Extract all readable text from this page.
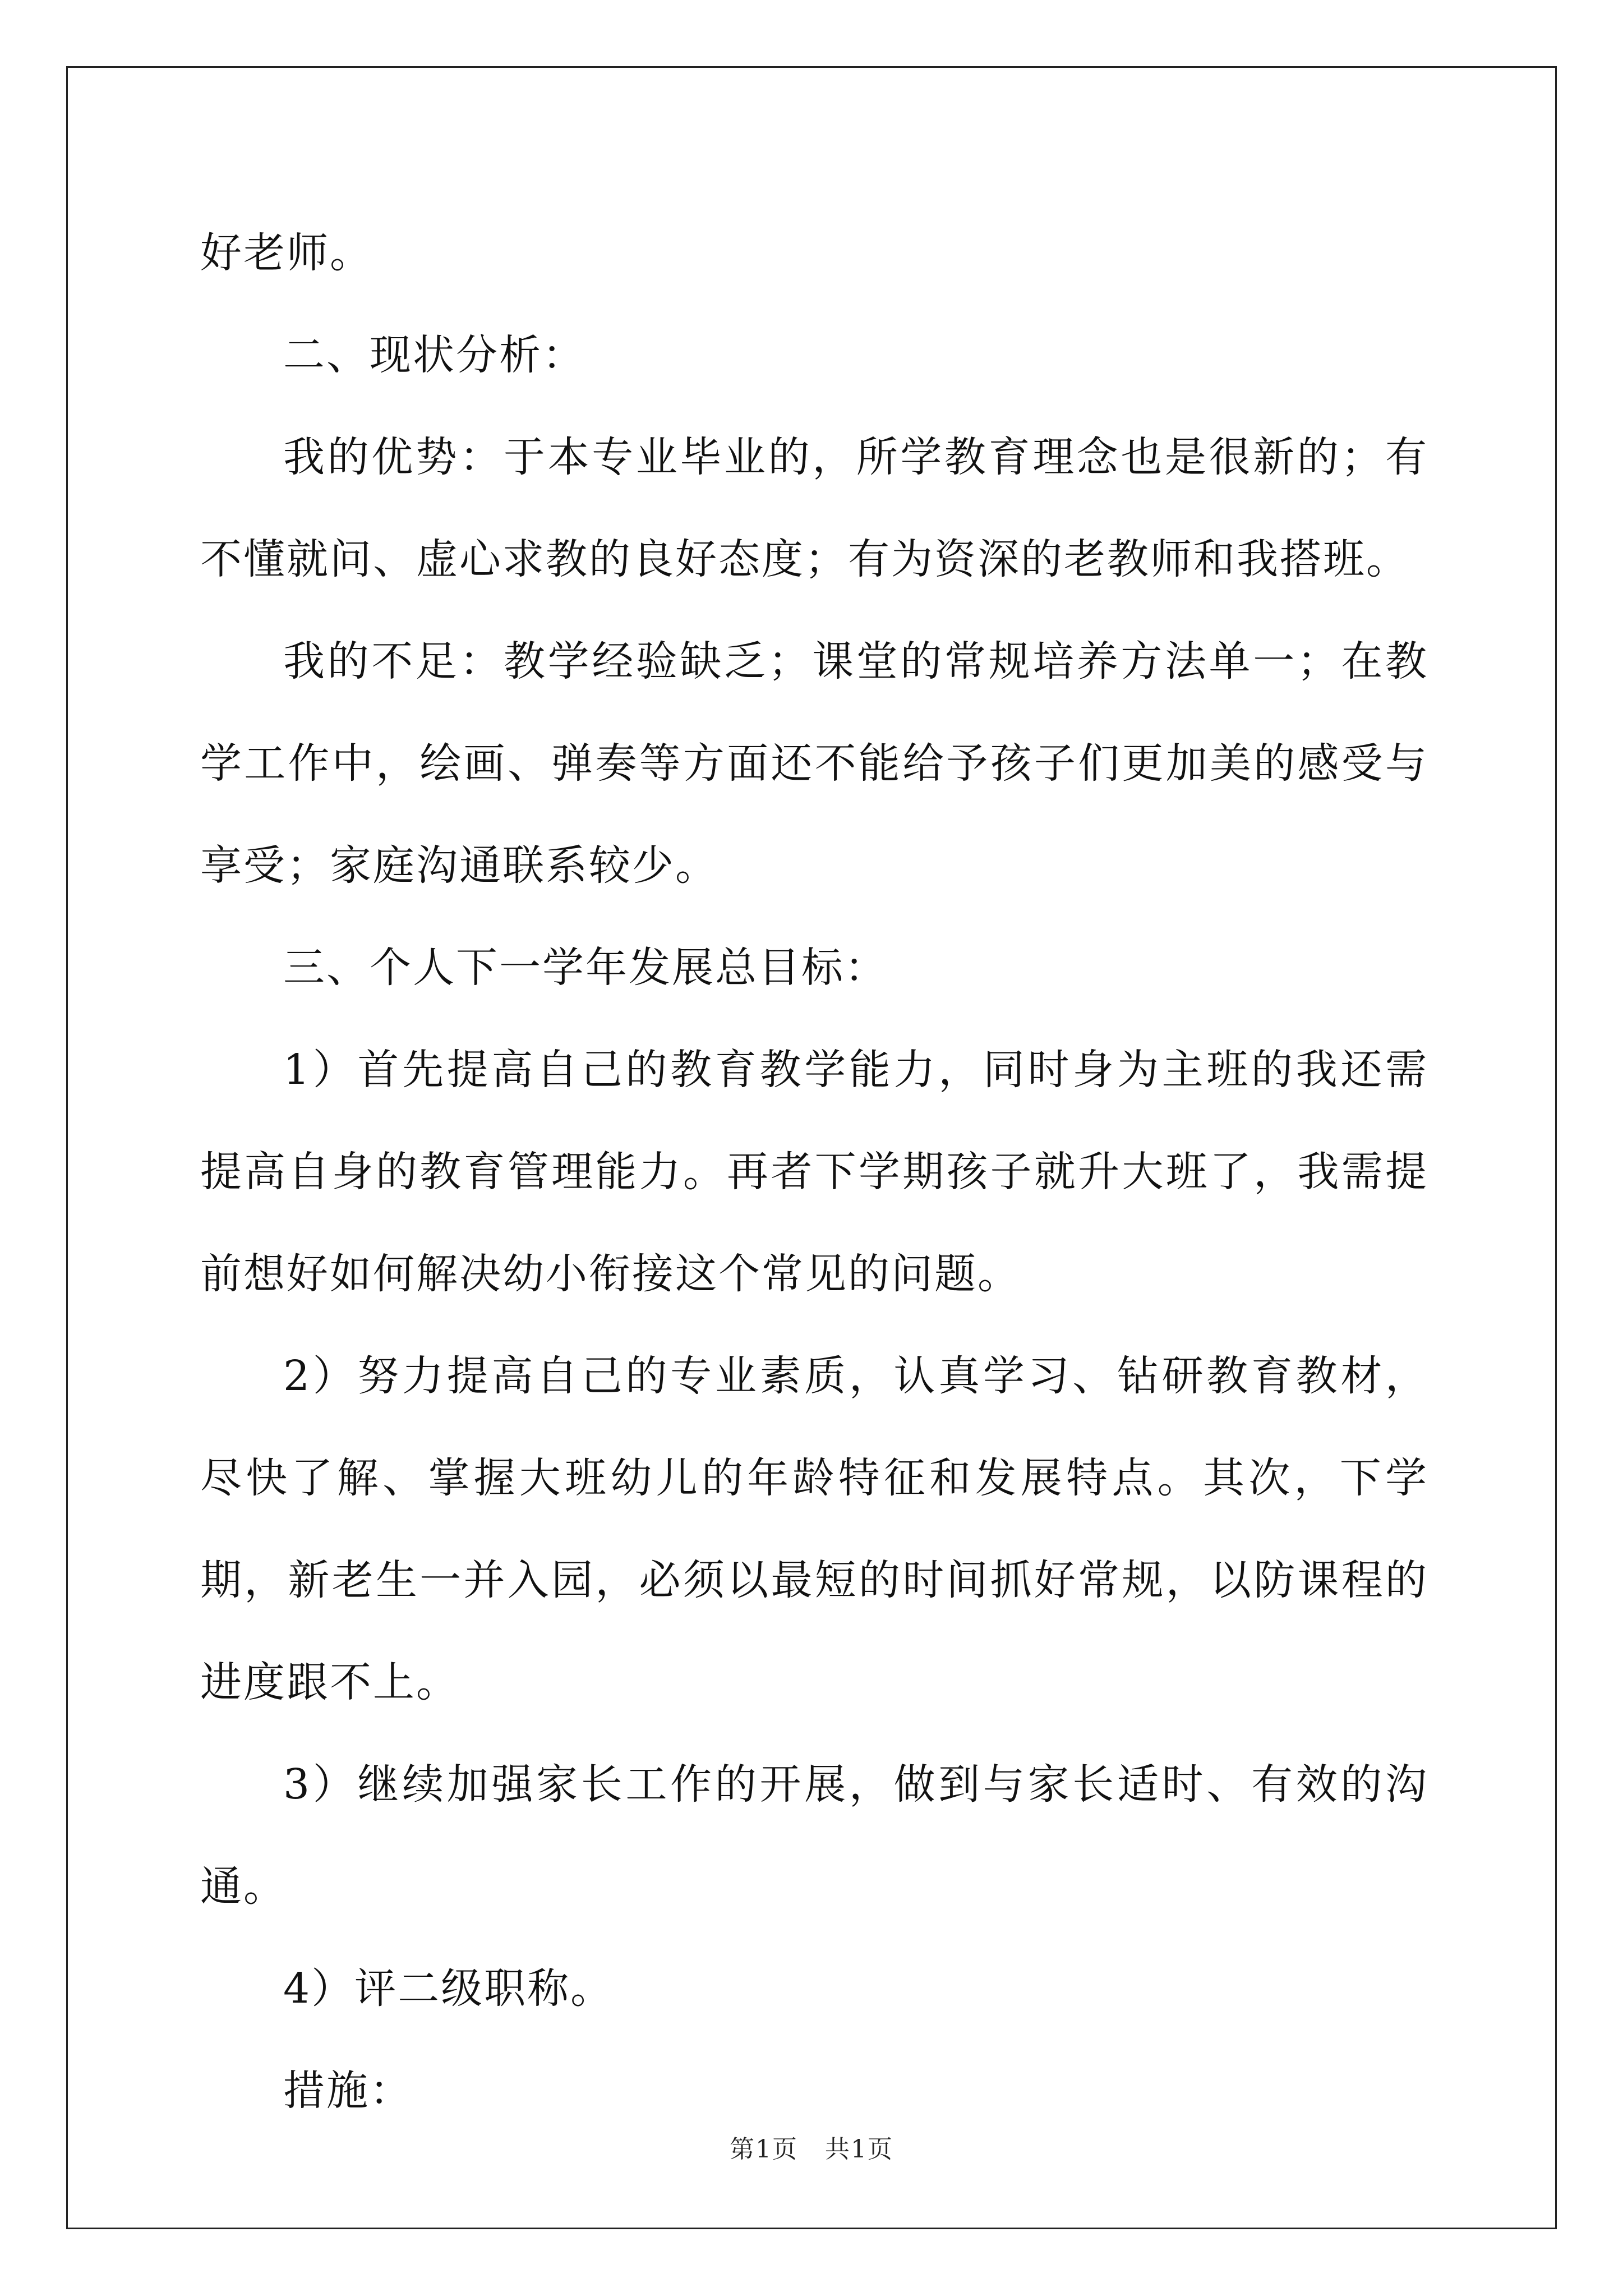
好老师。

二、现状分析：

我的优势：于本专业毕业的，所学教育理念也是很新的；有不懂就问、虚心求教的良好态度；有为资深的老教师和我搭班。

我的不足：教学经验缺乏；课堂的常规培养方法单一；在教学工作中，绘画、弹奏等方面还不能给予孩子们更加美的感受与享受；家庭沟通联系较少。

三、个人下一学年发展总目标：

1）首先提高自己的教育教学能力，同时身为主班的我还需提高自身的教育管理能力。再者下学期孩子就升大班了，我需提前想好如何解决幼小衔接这个常见的问题。

2）努力提高自己的专业素质，认真学习、钻研教育教材，尽快了解、掌握大班幼儿的年龄特征和发展特点。其次，下学期，新老生一并入园，必须以最短的时间抓好常规，以防课程的进度跟不上。

3）继续加强家长工作的开展，做到与家长适时、有效的沟通。

4）评二级职称。

措施：

第1页 共1页
